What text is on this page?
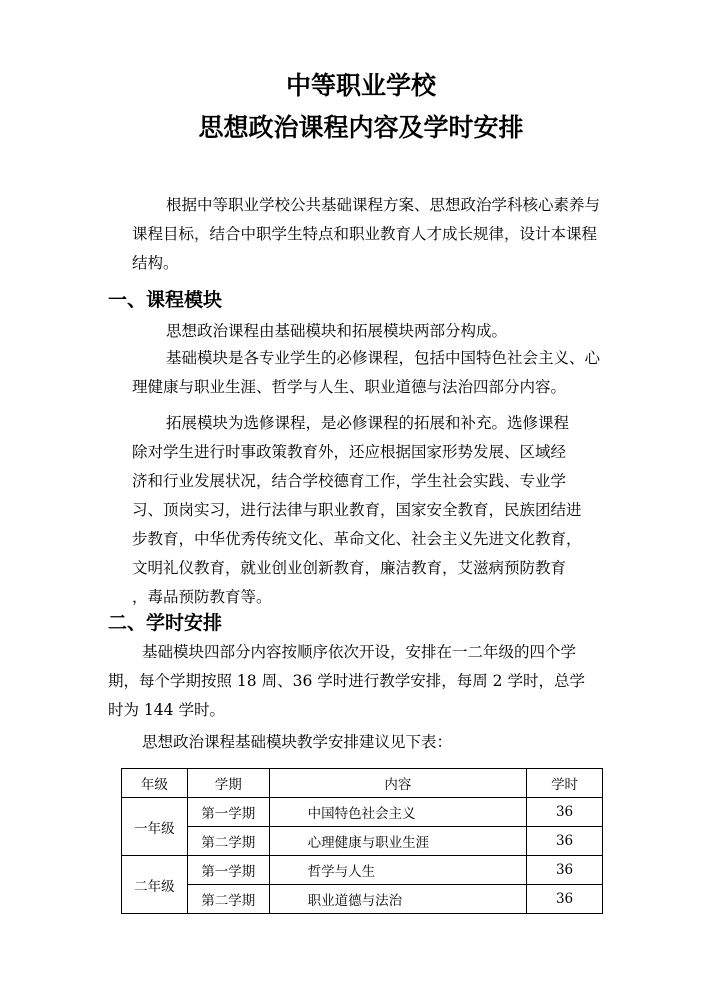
中等职业学校
思想政治课程内容及学时安排
根据中等职业学校公共基础课程方案、思想政治学科核心素养与
课程目标，结合中职学生特点和职业教育人才成长规律，设计本课程
结构。
一、课程模块
思想政治课程由基础模块和拓展模块两部分构成。
基础模块是各专业学生的必修课程，包括中国特色社会主义、心
理健康与职业生涯、哲学与人生、职业道德与法治四部分内容。
拓展模块为选修课程，是必修课程的拓展和补充。选修课程
除对学生进行时事政策教育外，还应根据国家形势发展、区域经
济和行业发展状况，结合学校德育工作，学生社会实践、专业学
习、顶岗实习，进行法律与职业教育，国家安全教育，民族团结进
步教育，中华优秀传统文化、革命文化、社会主义先进文化教育，
文明礼仪教育，就业创业创新教育，廉洁教育，艾滋病预防教育
，毒品预防教育等。
二、学时安排
基础模块四部分内容按顺序依次开设，安排在一二年级的四个学
期，每个学期按照 18 周、36 学时进行教学安排，每周 2 学时，总学
时为 144 学时。
思想政治课程基础模块教学安排建议见下表：
年级	学期	内容	学时
一年级	第一学期	中国特色社会主义	36
	第二学期	心理健康与职业生涯	36
二年级	第一学期	哲学与人生	36
	第二学期	职业道德与法治	36
